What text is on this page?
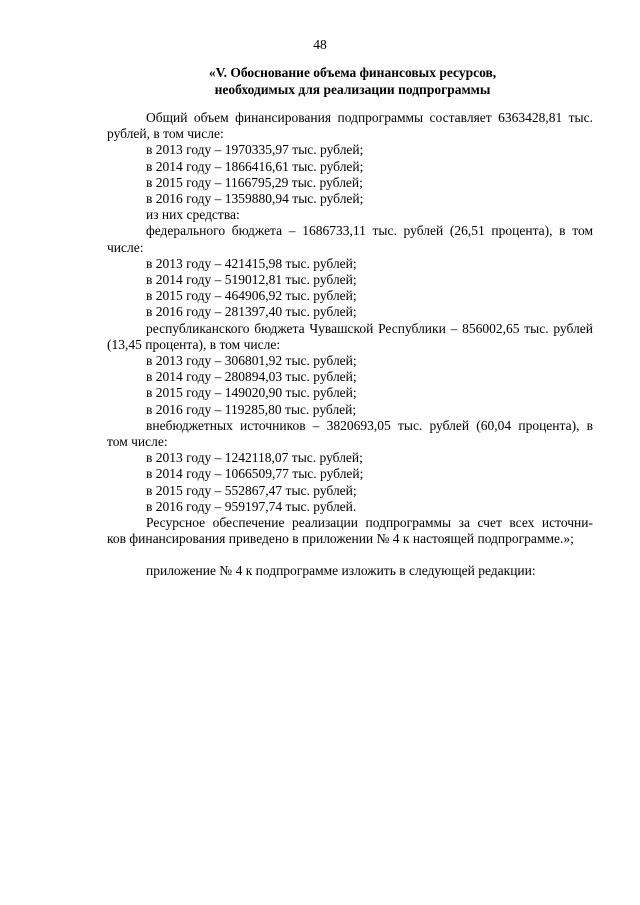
48
«V. Обоснование объема финансовых ресурсов,
необходимых для реализации подпрограммы

Общий объем финансирования подпрограммы составляет 6363428,81 тыс.

рублей, в том числе:

в 2013 году – 1970335,97 тыс. рублей;

в 2014 году – 1866416,61 тыс. рублей;

в 2015 году – 1166795,29 тыс. рублей;

в 2016 году – 1359880,94 тыс. рублей;

из них средства:

федерального бюджета – 1686733,11 тыс. рублей (26,51 процента), в том

числе:

в 2013 году – 421415,98 тыс. рублей;

в 2014 году – 519012,81 тыс. рублей;

в 2015 году – 464906,92 тыс. рублей;

в 2016 году – 281397,40 тыс. рублей;

республиканского бюджета Чувашской Республики – 856002,65 тыс. рублей

(13,45 процента), в том числе:

в 2013 году – 306801,92 тыс. рублей;

в 2014 году – 280894,03 тыс. рублей;

в 2015 году – 149020,90 тыс. рублей;

в 2016 году – 119285,80 тыс. рублей;

внебюджетных источников – 3820693,05 тыс. рублей (60,04 процента), в

том числе:

в 2013 году – 1242118,07 тыс. рублей;

в 2014 году – 1066509,77 тыс. рублей;

в 2015 году – 552867,47 тыс. рублей;

в 2016 году – 959197,74 тыс. рублей.

Ресурсное обеспечение реализации подпрограммы за счет всех источни-

ков финансирования приведено в приложении № 4 к настоящей подпрограмме.»;

приложение № 4 к подпрограмме изложить в следующей редакции:
